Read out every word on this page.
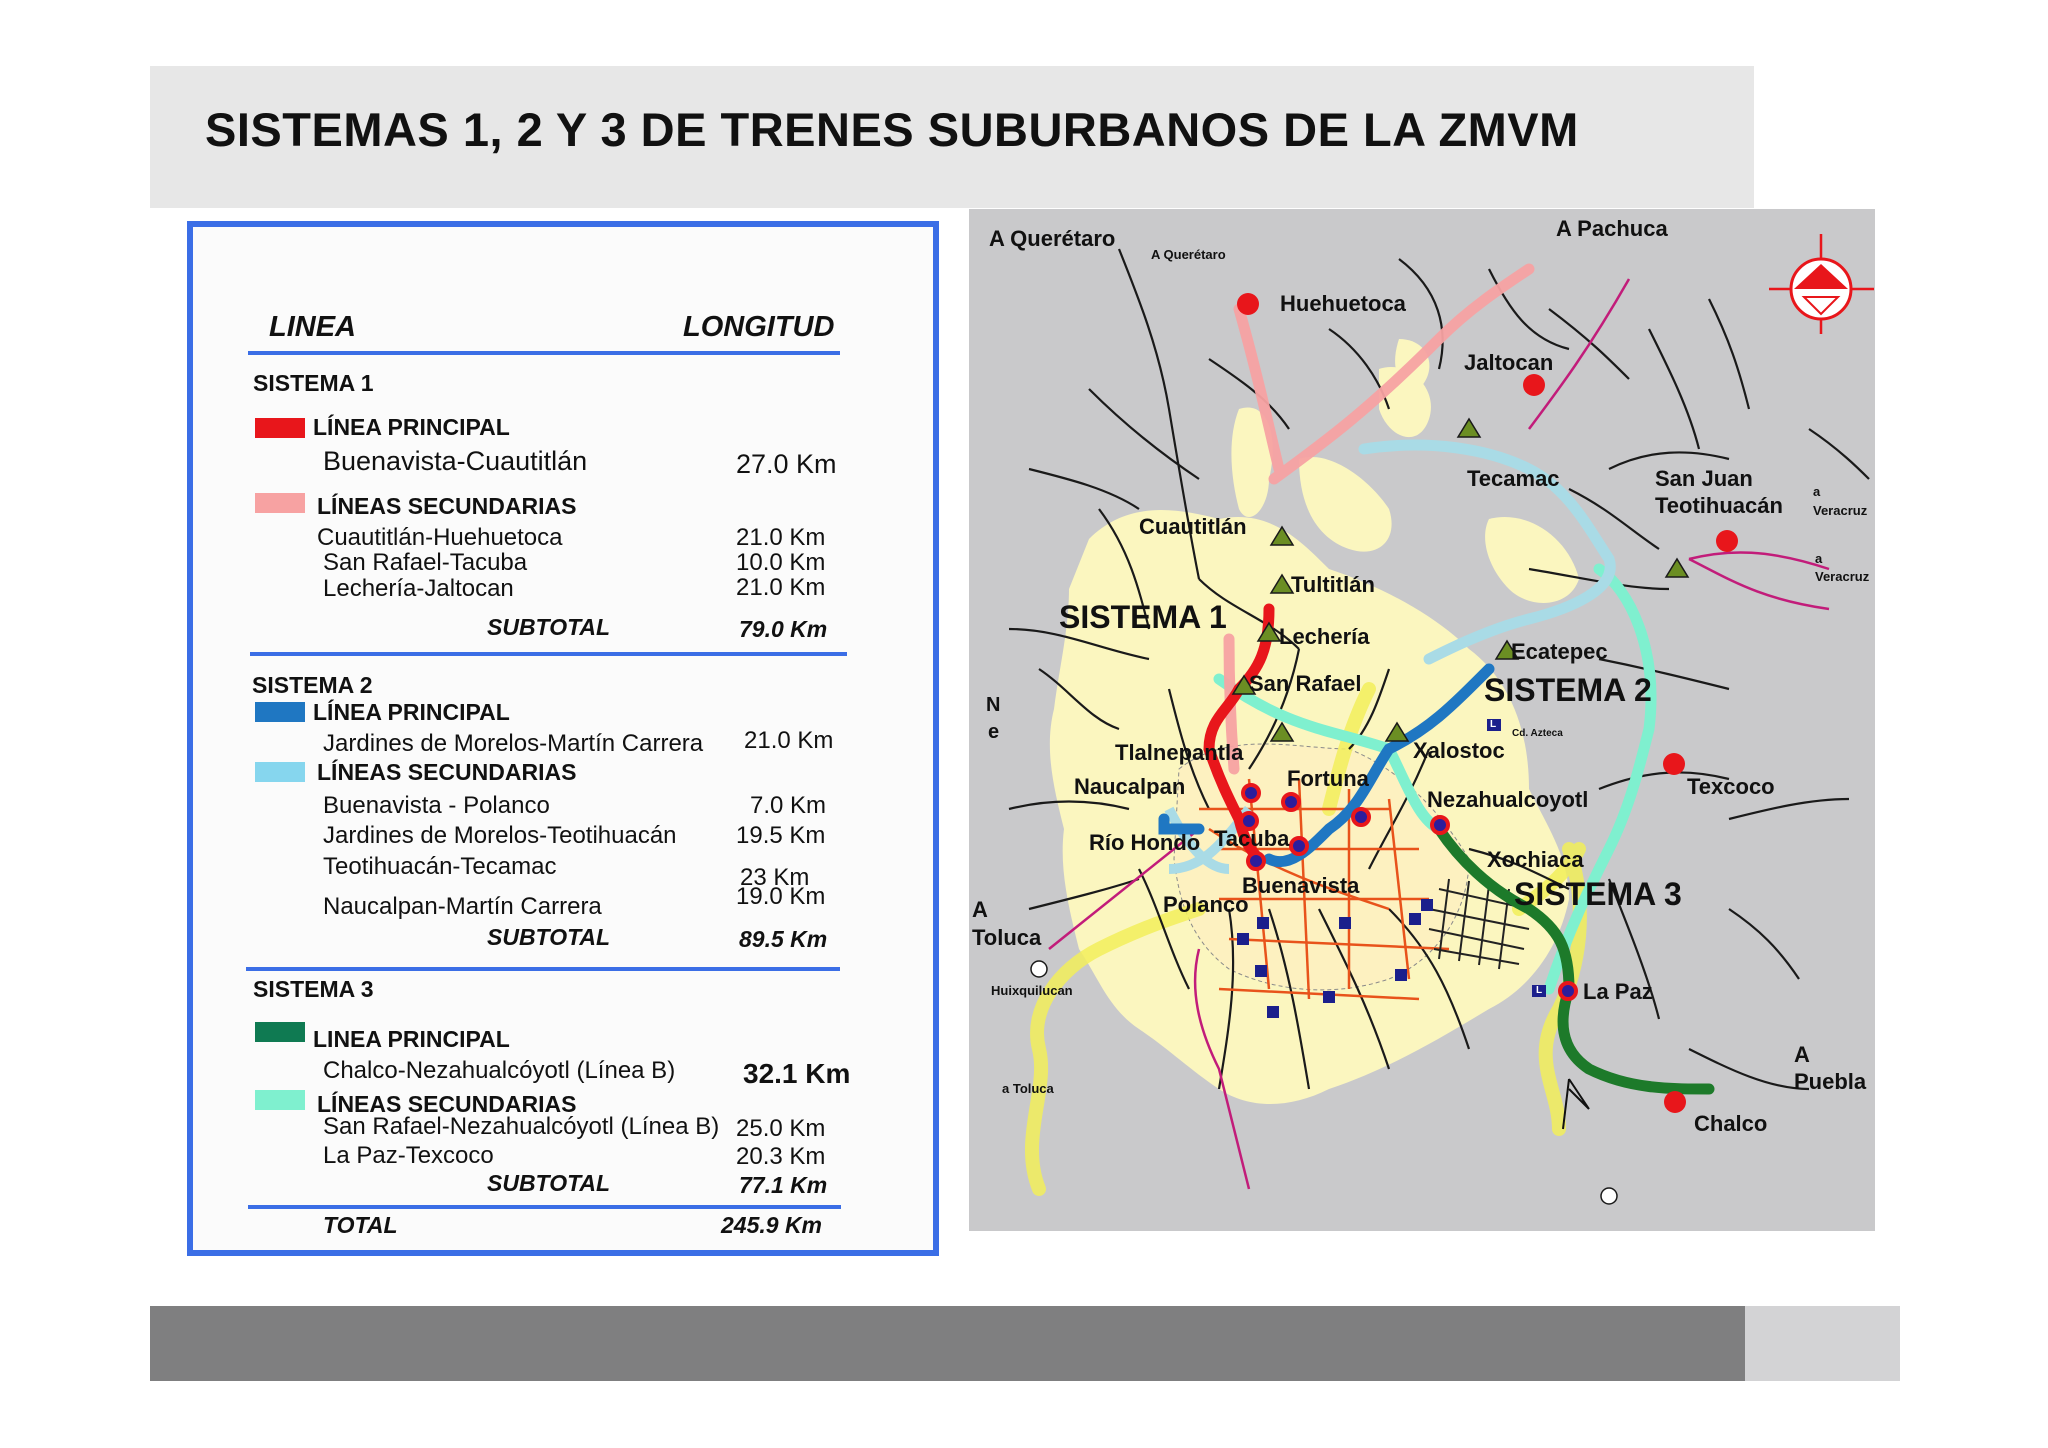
SISTEMAS 1, 2 Y 3 DE TRENES SUBURBANOS DE LA ZMVM
LINEA	LONGITUD
SISTEMA 1
LÍNEA PRINCIPAL
Buenavista-Cuautitlán	27.0 Km
LÍNEAS SECUNDARIAS
Cuautitlán-Huehuetoca	21.0 Km
San Rafael-Tacuba	10.0 Km
Lechería-Jaltocan	21.0 Km
SUBTOTAL	79.0 Km
SISTEMA 2
LÍNEA PRINCIPAL
Jardines de Morelos-Martín Carrera 21.0 Km
LÍNEAS SECUNDARIAS
Buenavista - Polanco	7.0 Km
Jardines de Morelos-Teotihuacán 19.5 Km
Teotihuacán-Tecamac	23 Km
Naucalpan-Martín Carrera	19.0 Km
SUBTOTAL	89.5 Km
SISTEMA 3
LINEA PRINCIPAL
Chalco-Nezahualcóyotl (Línea B) 32.1 Km
LÍNEAS SECUNDARIAS
San Rafael-Nezahualcóyotl (Línea B) 25.0 Km
La Paz-Texcoco	20.3 Km
SUBTOTAL	77.1 Km
TOTAL	245.9 Km
A Querétaro
A Querétaro
A Pachuca
Huehuetoca
Jaltocan
Tecamac	San Juan
Teotihuacán
a
Veracruz
a
Veracruz
Cuautitlán
Tultitlán
SISTEMA 1
Lechería
Ecatepec
San Rafael	SISTEMA 2
Cd. Azteca
Tlalnepantla	Xalostoc
Naucalpan	Fortuna	Texcoco
Nezahualcoyotl
Río Hondo Tacuba
Xochiaca
Buenavista	SISTEMA 3
Polanco
A
Toluca
Huixquilucan	La Paz
a Toluca
A
Puebla
Chalco
N
e	L
L
